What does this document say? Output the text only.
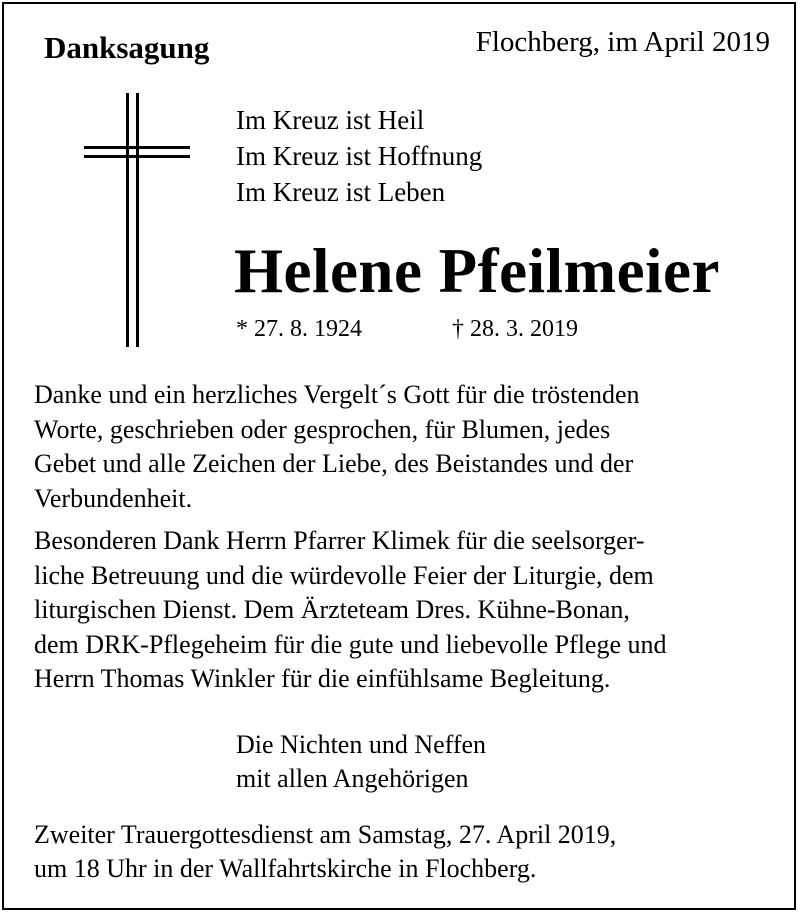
Danksagung	Flochberg, im April 2019
Im Kreuz ist Heil
Im Kreuz ist Hoffnung
Im Kreuz ist Leben
Helene Pfeilmeier
* 27. 8. 1924	† 28. 3. 2019
Danke und ein herzliches Vergelt´s Gott für die tröstenden
Worte, geschrieben oder gesprochen, für Blumen, jedes
Gebet und alle Zeichen der Liebe, des Beistandes und der
Verbundenheit.
Besonderen Dank Herrn Pfarrer Klimek für die seelsorger-
liche Betreuung und die würdevolle Feier der Liturgie, dem
liturgischen Dienst. Dem Ärzteteam Dres. Kühne-Bonan,
dem DRK-Pflegeheim für die gute und liebevolle Pflege und
Herrn Thomas Winkler für die einfühlsame Begleitung.
Die Nichten und Neffen
mit allen Angehörigen
Zweiter Trauergottesdienst am Samstag, 27. April 2019,
um 18 Uhr in der Wallfahrtskirche in Flochberg.
